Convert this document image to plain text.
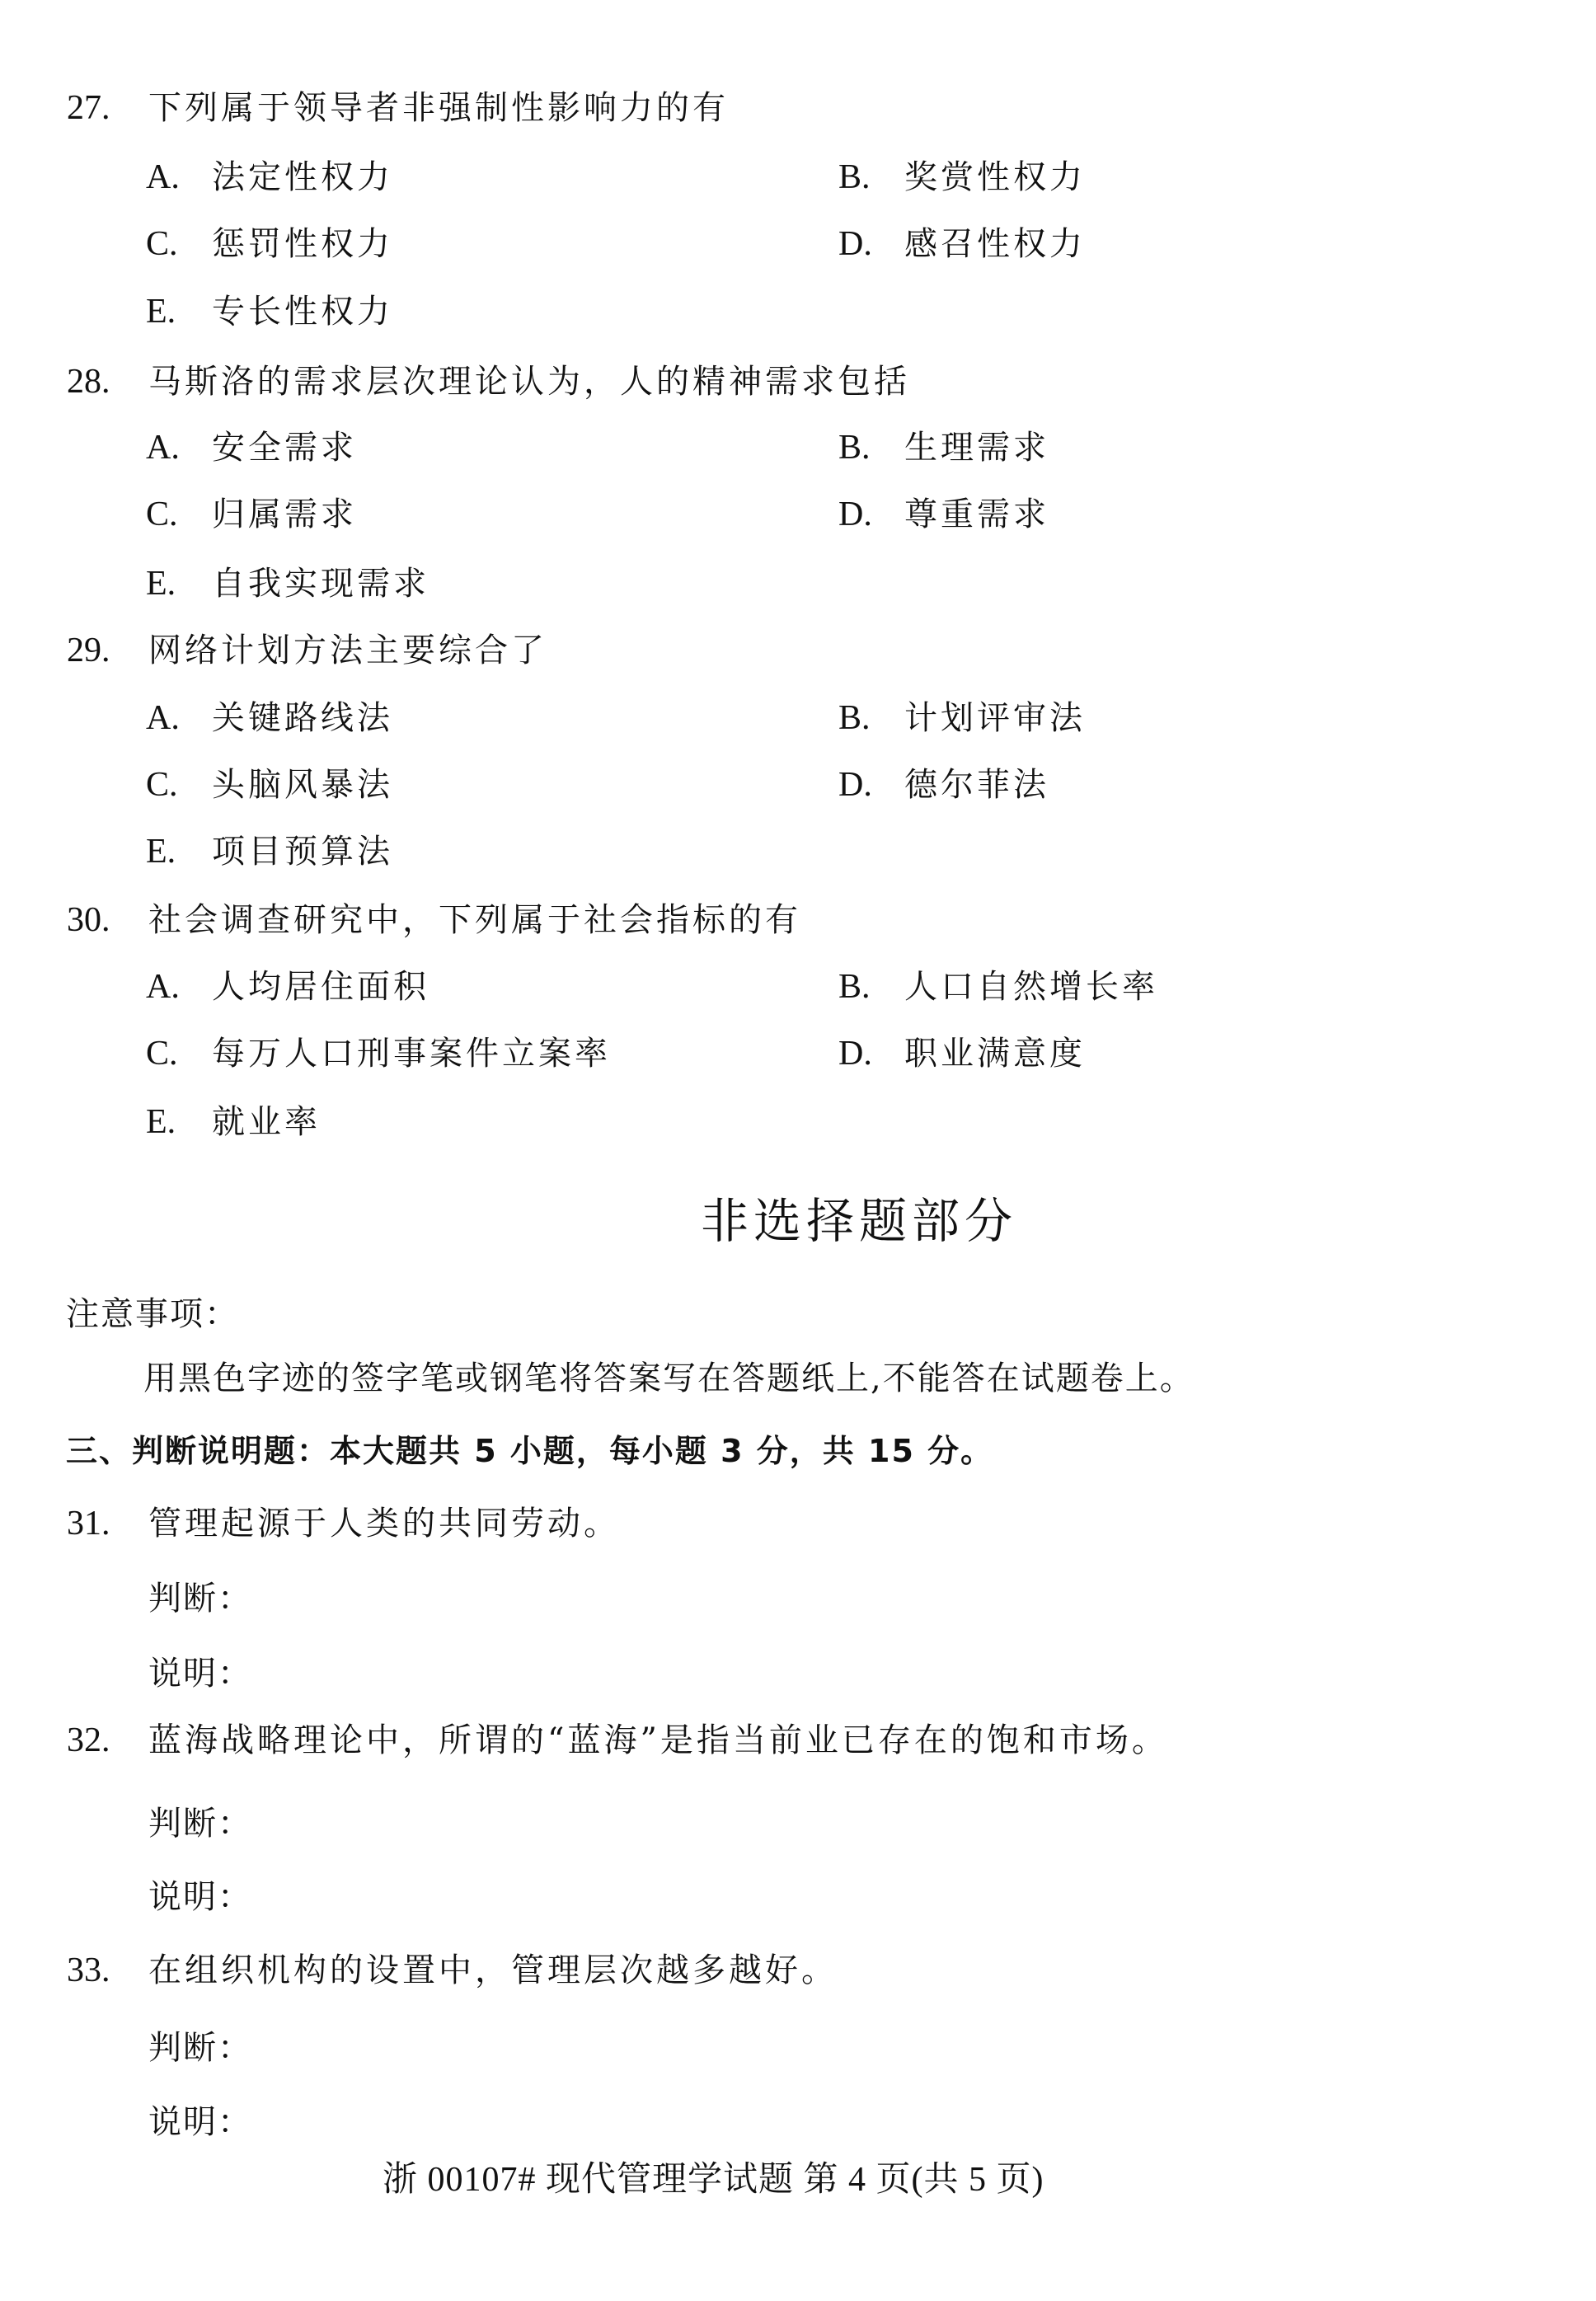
27. 下列属于领导者非强制性影响力的有
A. 法定性权力	B. 奖赏性权力
C. 惩罚性权力	D. 感召性权力
E. 专长性权力
28. 马斯洛的需求层次理论认为，人的精神需求包括
A. 安全需求	B. 生理需求
C. 归属需求	D. 尊重需求
E. 自我实现需求
29. 网络计划方法主要综合了
A. 关键路线法	B. 计划评审法
C. 头脑风暴法	D. 德尔菲法
E. 项目预算法
30. 社会调查研究中，下列属于社会指标的有
A. 人均居住面积	B. 人口自然增长率
C. 每万人口刑事案件立案率	D. 职业满意度
E. 就业率
非选择题部分
注意事项：
用黑色字迹的签字笔或钢笔将答案写在答题纸上,不能答在试题卷上。
三、判断说明题：本大题共 5 小题，每小题 3 分，共 15 分。
31. 管理起源于人类的共同劳动。
判断：
说明：
32. 蓝海战略理论中，所谓的“蓝海”是指当前业已存在的饱和市场。
判断：
说明：
33. 在组织机构的设置中，管理层次越多越好。
判断：
说明：
浙 00107# 现代管理学试题 第 4 页(共 5 页)
